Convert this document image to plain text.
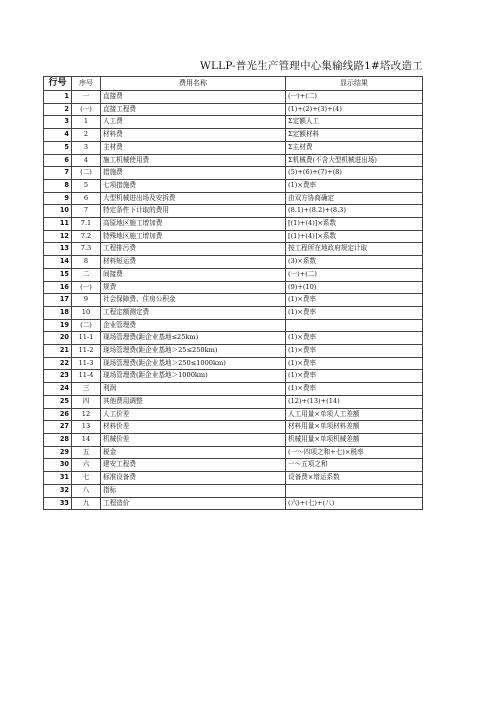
WLLP-普光生产管理中心集输线路1#塔改造工
行号	序号	费用名称	显示结果
1	一	直接费	(一)+(二)
2	(一)	直接工程费	(1)+(2)+(3)+(4)
3	1	人工费	Σ定额人工
4	2	材料费	Σ定额材料
5	3	主材费	Σ主材费
6	4	施工机械使用费	Σ机械费(不含大型机械进出场)
7	(二)	措施费	(5)+(6)+(7)+(8)
8	5	七项措施费	(1)×费率
9	6	大型机械进出场及安拆费	由双方协商确定
10	7	特定条件下计取的费用	(8.1)+(8.2)+(8.3)
11	7.1	高原地区施工增加费	[(1)+(4)]×系数
12	7.2	特殊地区施工增加费	[(1)+(4)]×系数
13	7.3	工程排污费	按工程所在地政府规定计取
14	8	材料短运费	(3)×系数
15	二	间接费	(一)+(二)
16	(一)	规费	(9)+(10)
17	9	社会保障费、住房公积金	(1)×费率
18	10	工程定额测定费	(1)×费率
19	(二)	企业管理费	
20	11-1	现场管理费(距企业基地≤25km)	(1)×费率
21	11-2	现场管理费(距企业基地＞25≤250km)	(1)×费率
22	11-3	现场管理费(距企业基地＞250≤1000km)	(1)×费率
23	11-4	现场管理费(距企业基地＞1000km)	(1)×费率
24	三	利润	(1)×费率
25	四	其他费用调整	(12)+(13)+(14)
26	12	人工价差	人工用量×单项人工差额
27	13	材料价差	材料用量×单项材料差额
28	14	机械价差	机械用量×单项机械差额
29	五	税金	(一～四项之和+七)×税率
30	六	建安工程费	一～五项之和
31	七	标准设备费	设备费×增运系数
32	八	指标	
33	九	工程造价	(六)+(七)+(八)
